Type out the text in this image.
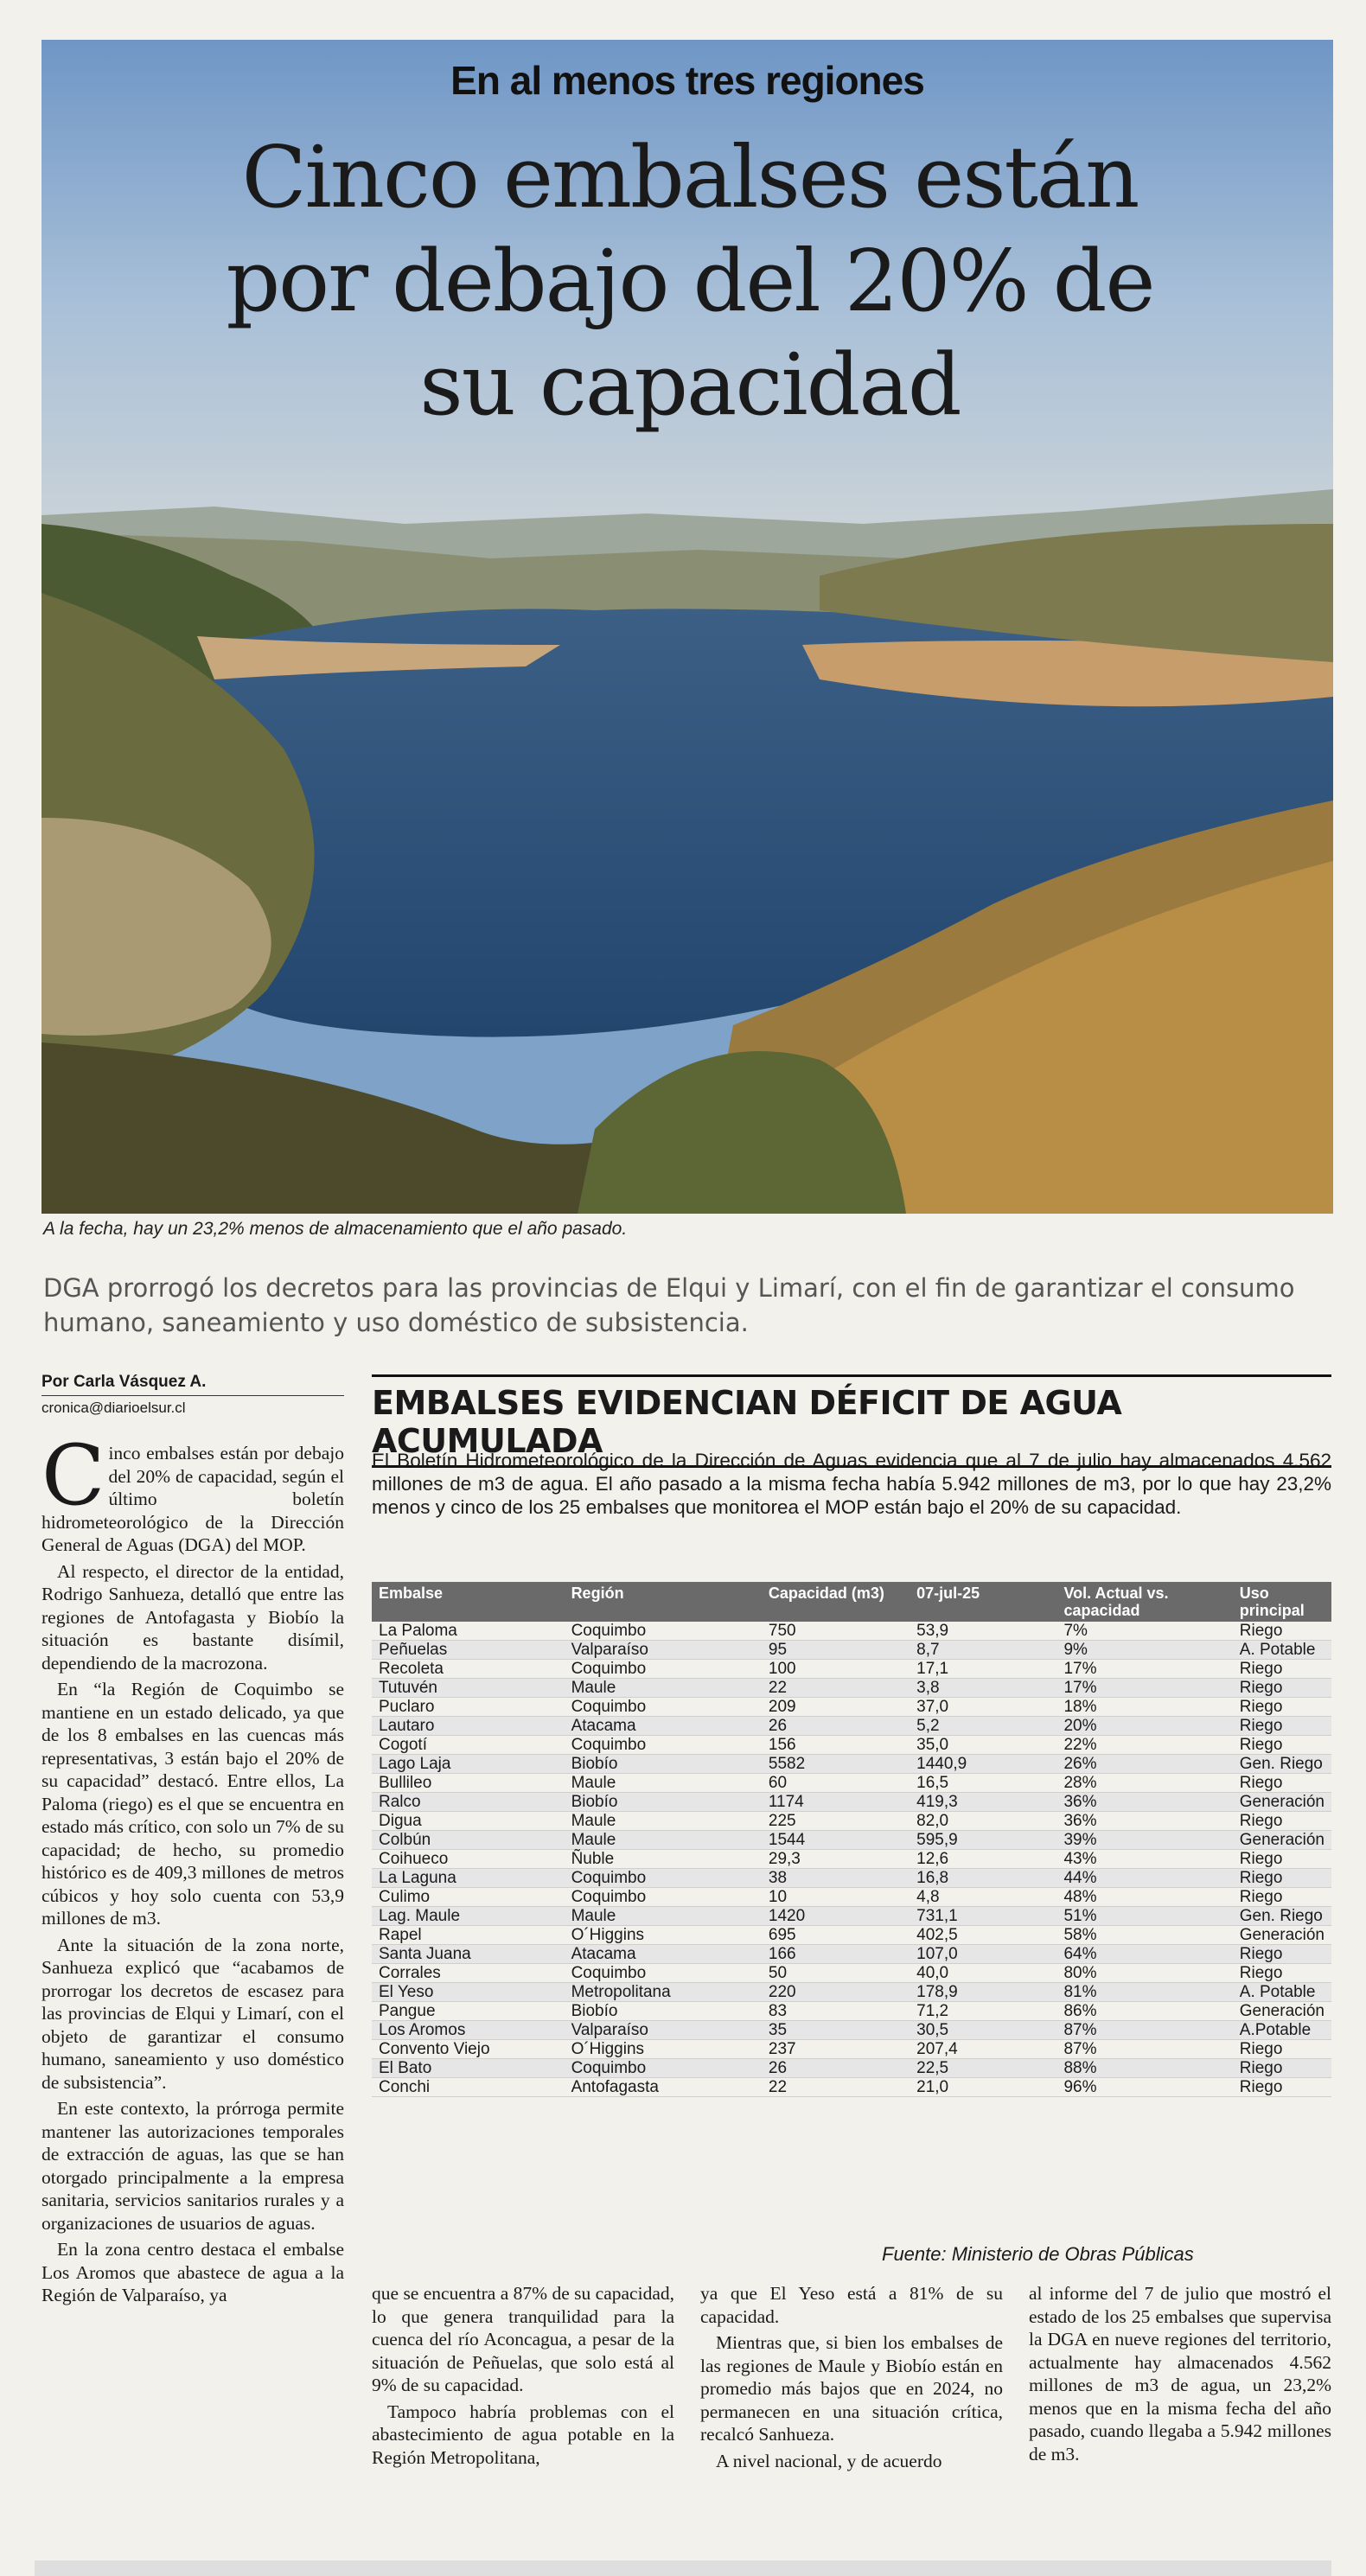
En al menos tres regiones
Cinco embalses están por debajo del 20% de su capacidad
A la fecha, hay un 23,2% menos de almacenamiento que el año pasado.
DGA prorrogó los decretos para las provincias de Elqui y Limarí, con el fin de garantizar el consumo humano, saneamiento y uso doméstico de subsistencia.
Por Carla Vásquez A.
cronica@diarioelsur.cl

Cinco embalses están por debajo del 20% de capacidad, según el último boletín hidrometeorológico de la Dirección General de Aguas (DGA) del MOP.

Al respecto, el director de la entidad, Rodrigo Sanhueza, detalló que entre las regiones de Antofagasta y Biobío la situación es bastante disímil, dependiendo de la macrozona.

En “la Región de Coquimbo se mantiene en un estado delicado, ya que de los 8 embalses en las cuencas más representativas, 3 están bajo el 20% de su capacidad” destacó. Entre ellos, La Paloma (riego) es el que se encuentra en estado más crítico, con solo un 7% de su capacidad; de hecho, su promedio histórico es de 409,3 millones de metros cúbicos y hoy solo cuenta con 53,9 millones de m3.

Ante la situación de la zona norte, Sanhueza explicó que “acabamos de prorrogar los decretos de escasez para las provincias de Elqui y Limarí, con el objeto de garantizar el consumo humano, saneamiento y uso doméstico de subsistencia”.

En este contexto, la prórroga permite mantener las autorizaciones temporales de extracción de aguas, las que se han otorgado principalmente a la empresa sanitaria, servicios sanitarios rurales y a organizaciones de usuarios de aguas.

En la zona centro destaca el embalse Los Aromos que abastece de agua a la Región de Valparaíso, ya	que se encuentra a 87% de su capacidad, lo que genera tranquilidad para la cuenca del río Aconcagua, a pesar de la situación de Peñuelas, que solo está al 9% de su capacidad.

Tampoco habría problemas con el abastecimiento de agua potable en la Región Metropolitana,

ya que El Yeso está a 81% de su capacidad.

Mientras que, si bien los embalses de las regiones de Maule y Biobío están en promedio más bajos que en 2024, no permanecen en una situación crítica, recalcó Sanhueza.

A nivel nacional, y de acuerdo

al informe del 7 de julio que mostró el estado de los 25 embalses que supervisa la DGA en nueve regiones del territorio, actualmente hay almacenados 4.562 millones de m3 de agua, un 23,2% menos que en la misma fecha del año pasado, cuando llegaba a 5.942 millones de m3.

EMBALSES EVIDENCIAN DÉFICIT DE AGUA ACUMULADA
El Boletín Hidrometeorológico de la Dirección de Aguas evidencia que al 7 de julio hay almacenados 4.562 millones de m3 de agua. El año pasado a la misma fecha había 5.942 millones de m3, por lo que hay 23,2% menos y cinco de los 25 embalses que monitorea el MOP están bajo el 20% de su capacidad.
Embalse	Región	Capacidad (m3)	07-jul-25	Vol. Actual vs. capacidad	Uso principal
La Paloma	Coquimbo	750	53,9	7%	Riego
Peñuelas	Valparaíso	95	8,7	9%	A. Potable
Recoleta	Coquimbo	100	17,1	17%	Riego
Tutuvén	Maule	22	3,8	17%	Riego
Puclaro	Coquimbo	209	37,0	18%	Riego
Lautaro	Atacama	26	5,2	20%	Riego
Cogotí	Coquimbo	156	35,0	22%	Riego
Lago Laja	Biobío	5582	1440,9	26%	Gen. Riego
Bullileo	Maule	60	16,5	28%	Riego
Ralco	Biobío	1174	419,3	36%	Generación
Digua	Maule	225	82,0	36%	Riego
Colbún	Maule	1544	595,9	39%	Generación
Coihueco	Ñuble	29,3	12,6	43%	Riego
La Laguna	Coquimbo	38	16,8	44%	Riego
Culimo	Coquimbo	10	4,8	48%	Riego
Lag. Maule	Maule	1420	731,1	51%	Gen. Riego
Rapel	O´Higgins	695	402,5	58%	Generación
Santa Juana	Atacama	166	107,0	64%	Riego
Corrales	Coquimbo	50	40,0	80%	Riego
El Yeso	Metropolitana	220	178,9	81%	A. Potable
Pangue	Biobío	83	71,2	86%	Generación
Los Aromos	Valparaíso	35	30,5	87%	A.Potable
Convento Viejo	O´Higgins	237	207,4	87%	Riego
El Bato	Coquimbo	26	22,5	88%	Riego
Conchi	Antofagasta	22	21,0	96%	Riego
Fuente: Ministerio de Obras Públicas
